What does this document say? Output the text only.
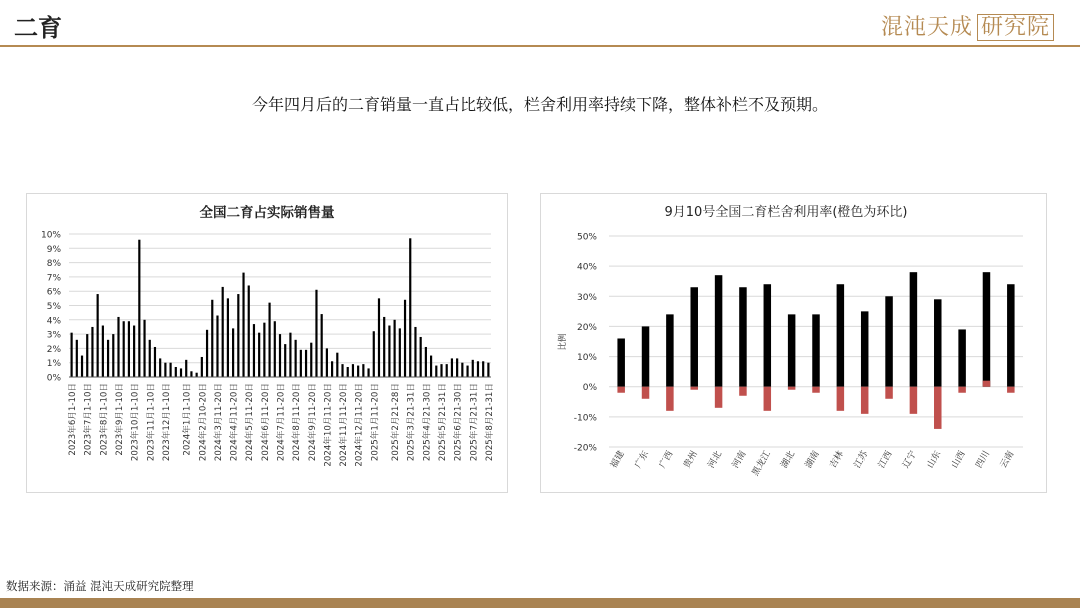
二育	混沌天成 研究院
今年四月后的二育销量一直占比较低，栏舍利用率持续下降，整体补栏不及预期。
全国二育占实际销售量
0%
1%
2%
3%
4%
5%
6%
7%
8%
9%
10%
2023年6月1-10日 2023年7月1-10日 2023年8月1-10日 2023年9月1-10日 2023年10月1-10日 2023年11月1-10日 2023年12月1-10日 2024年1月1-10日 2024年2月10-20日 2024年3月11-20日 2024年4月11-20日 2024年5月11-20日 2024年6月11-20日 2024年7月11-20日 2024年8月11-20日 2024年9月11-20日 2024年10月11-20日 2024年11月11-20日 2024年12月11-20日 2025年1月11-20日 2025年2月21-28日 2025年3月21-31日 2025年4月21-30日 2025年5月21-31日 2025年6月21-30日 2025年7月21-31日 2025年8月21-31日
9月10号全国二育栏舍利用率(橙色为环比)
-20%
-10%
0%
10%
20%
30%
40%
50%
比例
福建 广东 广西 贵州 河北 河南 黑龙江 湖北 湖南 吉林 江苏 江西 辽宁 山东 山西 四川 云南
数据来源：涌益 混沌天成研究院整理
